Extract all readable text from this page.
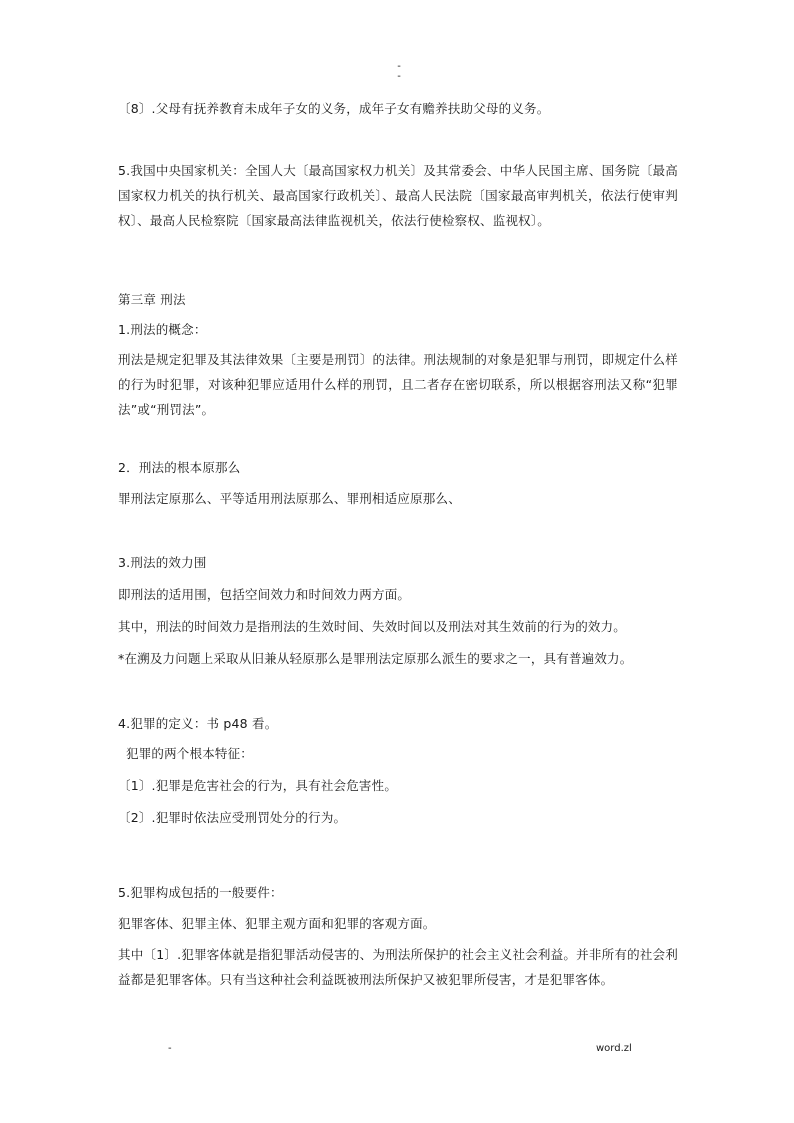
-
-
〔8〕.父母有抚养教育未成年子女的义务，成年子女有赡养扶助父母的义务。
5.我国中央国家机关：全国人大〔最高国家权力机关〕及其常委会、中华人民国主席、国务院〔最高国家权力机关的执行机关、最高国家行政机关〕、最高人民法院〔国家最高审判机关，依法行使审判权〕、最高人民检察院〔国家最高法律监视机关，依法行使检察权、监视权〕。
第三章 刑法
1.刑法的概念：
刑法是规定犯罪及其法律效果〔主要是刑罚〕的法律。刑法规制的对象是犯罪与刑罚，即规定什么样的行为时犯罪，对该种犯罪应适用什么样的刑罚，且二者存在密切联系，所以根据容刑法又称“犯罪法”或“刑罚法”。
2．刑法的根本原那么
罪刑法定原那么、平等适用刑法原那么、罪刑相适应原那么、
3.刑法的效力围
即刑法的适用围，包括空间效力和时间效力两方面。
其中，刑法的时间效力是指刑法的生效时间、失效时间以及刑法对其生效前的行为的效力。
*在溯及力问题上采取从旧兼从轻原那么是罪刑法定原那么派生的要求之一，具有普遍效力。
4.犯罪的定义：书 p48 看。
犯罪的两个根本特征：
〔1〕.犯罪是危害社会的行为，具有社会危害性。
〔2〕.犯罪时依法应受刑罚处分的行为。
5.犯罪构成包括的一般要件：
犯罪客体、犯罪主体、犯罪主观方面和犯罪的客观方面。
其中〔1〕.犯罪客体就是指犯罪活动侵害的、为刑法所保护的社会主义社会利益。并非所有的社会利益都是犯罪客体。只有当这种社会利益既被刑法所保护又被犯罪所侵害，才是犯罪客体。
-	word.zl
